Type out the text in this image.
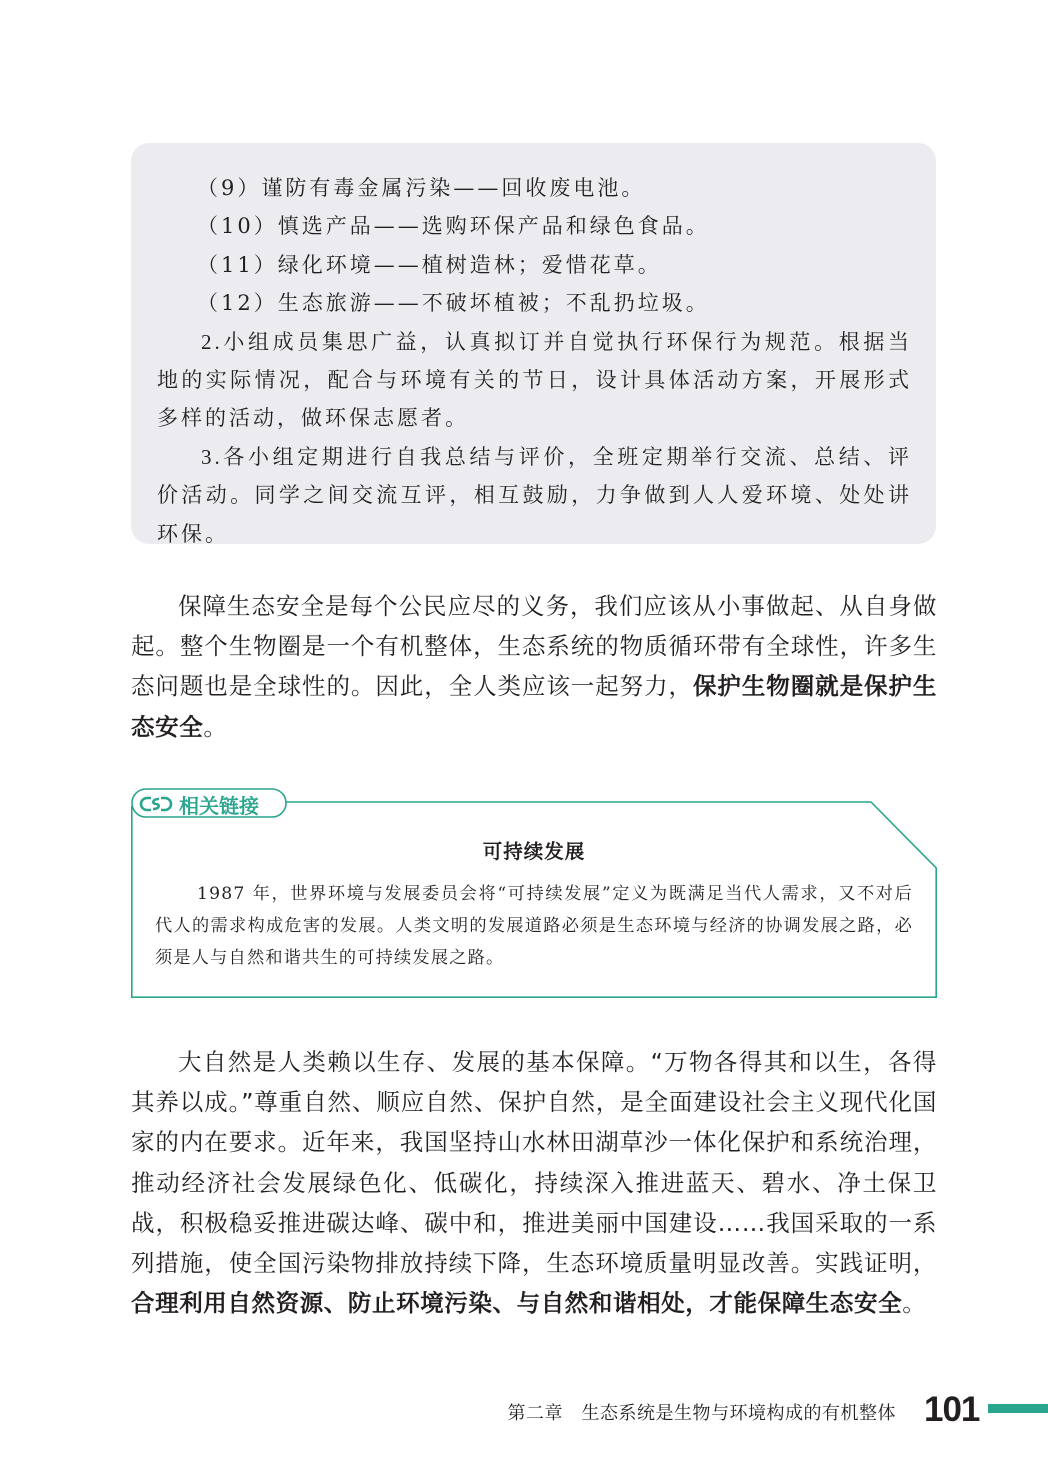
（9）谨防有毒金属污染——回收废电池。

（10）慎选产品——选购环保产品和绿色食品。

（11）绿化环境——植树造林；爱惜花草。

（12）生态旅游——不破坏植被；不乱扔垃圾。

2.小组成员集思广益，认真拟订并自觉执行环保行为规范。根据当地的实际情况，配合与环境有关的节日，设计具体活动方案，开展形式多样的活动，做环保志愿者。

3.各小组定期进行自我总结与评价，全班定期举行交流、总结、评价活动。同学之间交流互评，相互鼓励，力争做到人人爱环境、处处讲环保。

保障生态安全是每个公民应尽的义务，我们应该从小事做起、从自身做起。整个生物圈是一个有机整体，生态系统的物质循环带有全球性，许多生态问题也是全球性的。因此，全人类应该一起努力，保护生物圈就是保护生态安全。

相关链接
可持续发展

1987 年，世界环境与发展委员会将“可持续发展”定义为既满足当代人需求，又不对后代人的需求构成危害的发展。人类文明的发展道路必须是生态环境与经济的协调发展之路，必须是人与自然和谐共生的可持续发展之路。

大自然是人类赖以生存、发展的基本保障。“万物各得其和以生，各得其养以成。”尊重自然、顺应自然、保护自然，是全面建设社会主义现代化国家的内在要求。近年来，我国坚持山水林田湖草沙一体化保护和系统治理，推动经济社会发展绿色化、低碳化，持续深入推进蓝天、碧水、净土保卫战，积极稳妥推进碳达峰、碳中和，推进美丽中国建设……我国采取的一系列措施，使全国污染物排放持续下降，生态环境质量明显改善。实践证明，合理利用自然资源、防止环境污染、与自然和谐相处，才能保障生态安全。

第二章　生态系统是生物与环境构成的有机整体 101
